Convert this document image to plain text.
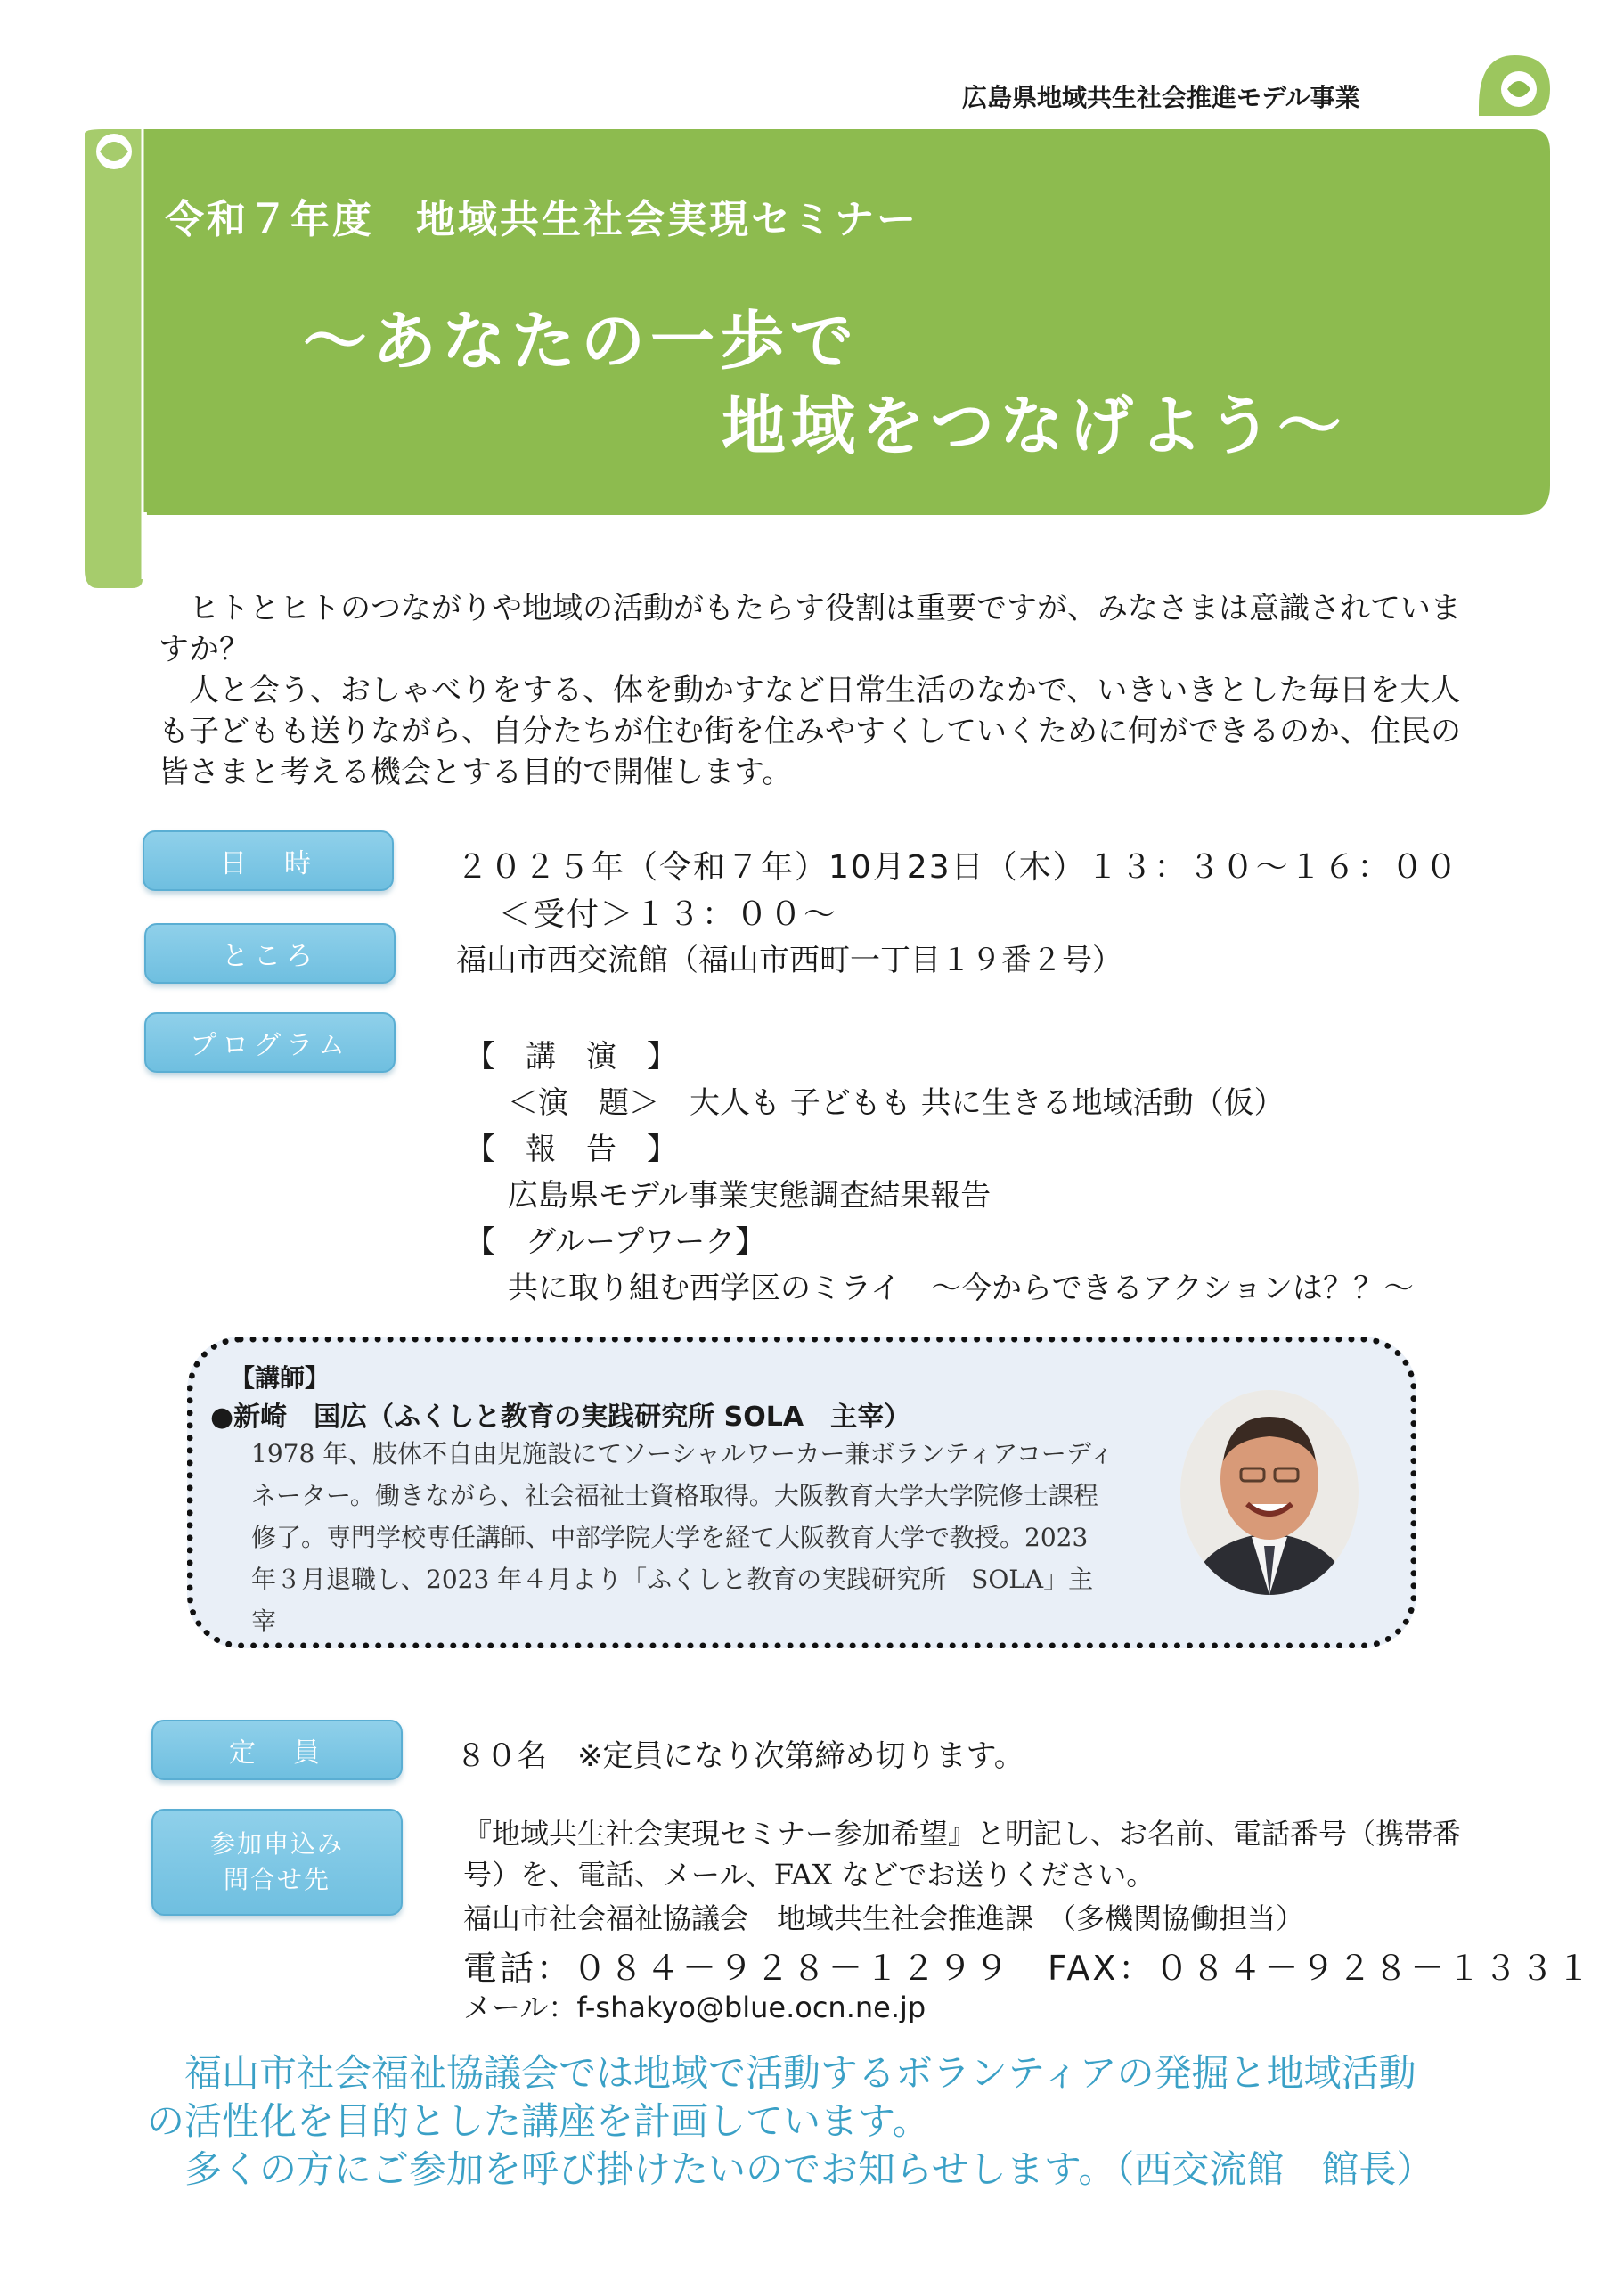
広島県地域共生社会推進モデル事業
令和７年度　地域共生社会実現セミナー
～あなたの一歩で
地域をつなげよう～

ヒトとヒトのつながりや地域の活動がもたらす役割は重要ですが、みなさまは意識されていますか？

人と会う、おしゃべりをする、体を動かすなど日常生活のなかで、いきいきとした毎日を大人も子どもも送りながら、自分たちが住む街を住みやすくしていくために何ができるのか、住民の皆さまと考える機会とする目的で開催します。

日　時	２０２５年（令和７年）10月23日（木）１３：３０～１６：００
＜受付＞１３：００～
ところ	福山市西交流館（福山市西町一丁目１９番２号）
プログラム	【　講　演　】
＜演　題＞　大人も 子どもも 共に生きる地域活動（仮）
【　報　告　】
広島県モデル事業実態調査結果報告
【　グループワーク】
共に取り組む西学区のミライ　～今からできるアクションは？？～
【講師】
●新崎　国広（ふくしと教育の実践研究所 SOLA　主宰）
1978 年、肢体不自由児施設にてソーシャルワーカー兼ボランティアコーディネーター。働きながら、社会福祉士資格取得。大阪教育大学大学院修士課程修了。専門学校専任講師、中部学院大学を経て大阪教育大学で教授。2023 年３月退職し、2023 年４月より「ふくしと教育の実践研究所　SOLA」主宰
定　員	８０名　※定員になり次第締め切ります。
参加申込み
問合せ先
『地域共生社会実現セミナー参加希望』と明記し、お名前、電話番号（携帯番号）を、電話、メール、FAX などでお送りください。
福山市社会福祉協議会　地域共生社会推進課　（多機関協働担当）
電話：０８４－９２８－１２９９　FAX：０８４－９２８－１３３１
メール：f-shakyo@blue.ocn.ne.jp

福山市社会福祉協議会では地域で活動するボランティアの発掘と地域活動

の活性化を目的とした講座を計画しています。

多くの方にご参加を呼び掛けたいのでお知らせします。（西交流館　館長）
